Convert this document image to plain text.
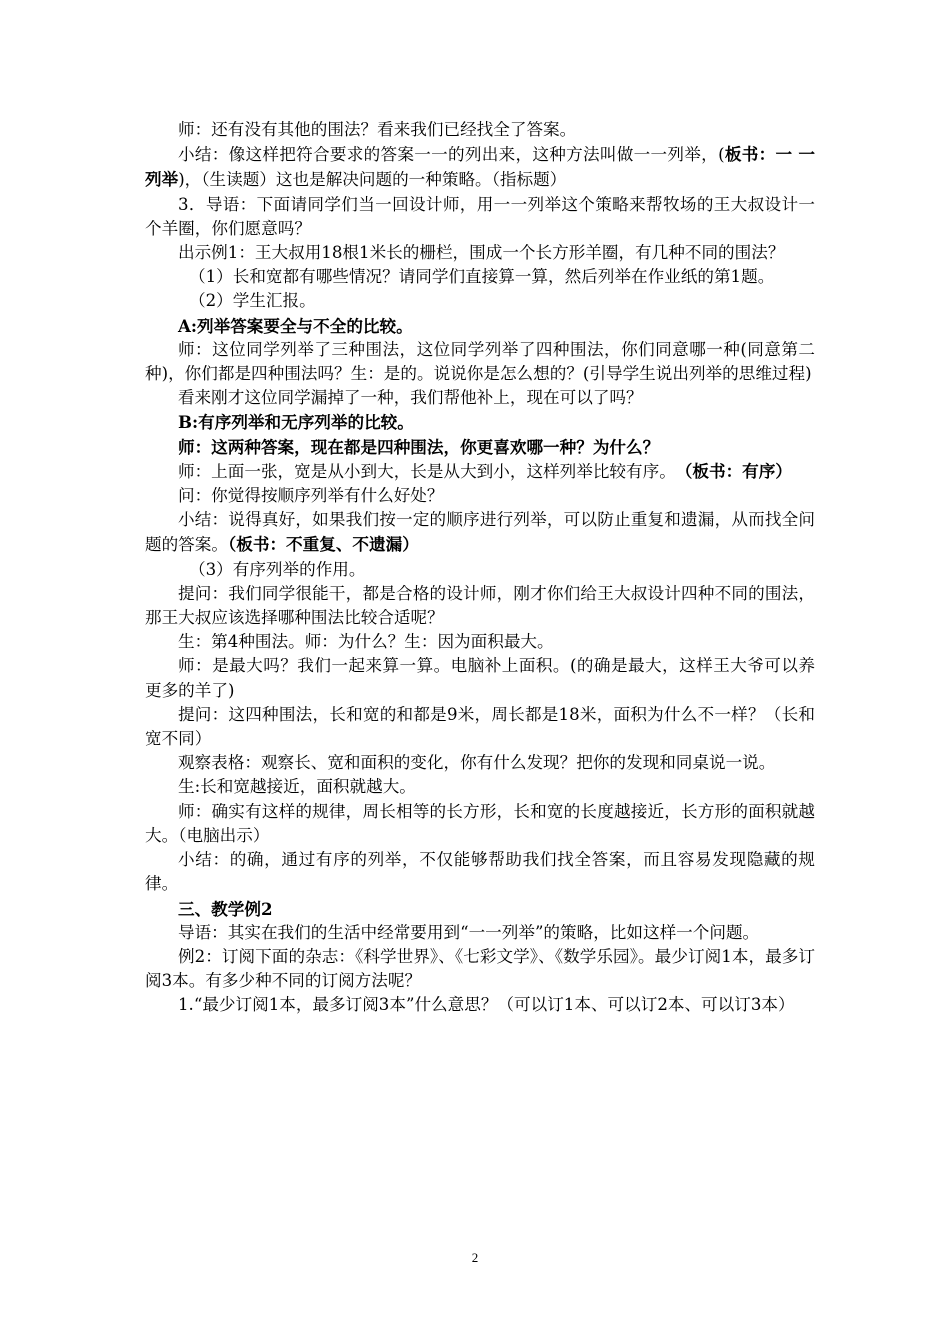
师：还有没有其他的围法？看来我们已经找全了答案。

小结：像这样把符合要求的答案一一的列出来，这种方法叫做一一列举，(板书：一 一列举)，（生读题）这也是解决问题的一种策略。（指标题）

3．导语：下面请同学们当一回设计师，用一一列举这个策略来帮牧场的王大叔设计一个羊圈，你们愿意吗？

出示例1：王大叔用18根1米长的栅栏，围成一个长方形羊圈，有几种不同的围法？

（1）长和宽都有哪些情况？请同学们直接算一算，然后列举在作业纸的第1题。

（2）学生汇报。

A:列举答案要全与不全的比较。

师：这位同学列举了三种围法，这位同学列举了四种围法，你们同意哪一种(同意第二种)，你们都是四种围法吗？生：是的。说说你是怎么想的？(引导学生说出列举的思维过程)

看来刚才这位同学漏掉了一种，我们帮他补上，现在可以了吗？

B:有序列举和无序列举的比较。

师：这两种答案，现在都是四种围法，你更喜欢哪一种？为什么？

师：上面一张，宽是从小到大，长是从大到小，这样列举比较有序。　（板书：有序）

问：你觉得按顺序列举有什么好处？

小结：说得真好，如果我们按一定的顺序进行列举，可以防止重复和遗漏，从而找全问题的答案。（板书：不重复、不遗漏）

（3）有序列举的作用。

提问：我们同学很能干，都是合格的设计师，刚才你们给王大叔设计四种不同的围法，那王大叔应该选择哪种围法比较合适呢？

生：第4种围法。师：为什么？生：因为面积最大。

师：是最大吗？我们一起来算一算。电脑补上面积。(的确是最大，这样王大爷可以养更多的羊了)

提问：这四种围法，长和宽的和都是9米，周长都是18米，面积为什么不一样？（长和宽不同）

观察表格：观察长、宽和面积的变化，你有什么发现？把你的发现和同桌说一说。

生:长和宽越接近，面积就越大。

师：确实有这样的规律，周长相等的长方形，长和宽的长度越接近，长方形的面积就越大。（电脑出示）

小结：的确，通过有序的列举，不仅能够帮助我们找全答案，而且容易发现隐藏的规律。

三、教学例2

导语：其实在我们的生活中经常要用到“一一列举”的策略，比如这样一个问题。

例2：订阅下面的杂志：《科学世界》、《七彩文学》、《数学乐园》。最少订阅1本，最多订阅3本。有多少种不同的订阅方法呢？

1.“最少订阅1本，最多订阅3本”什么意思？（可以订1本、可以订2本、可以订3本）

2
